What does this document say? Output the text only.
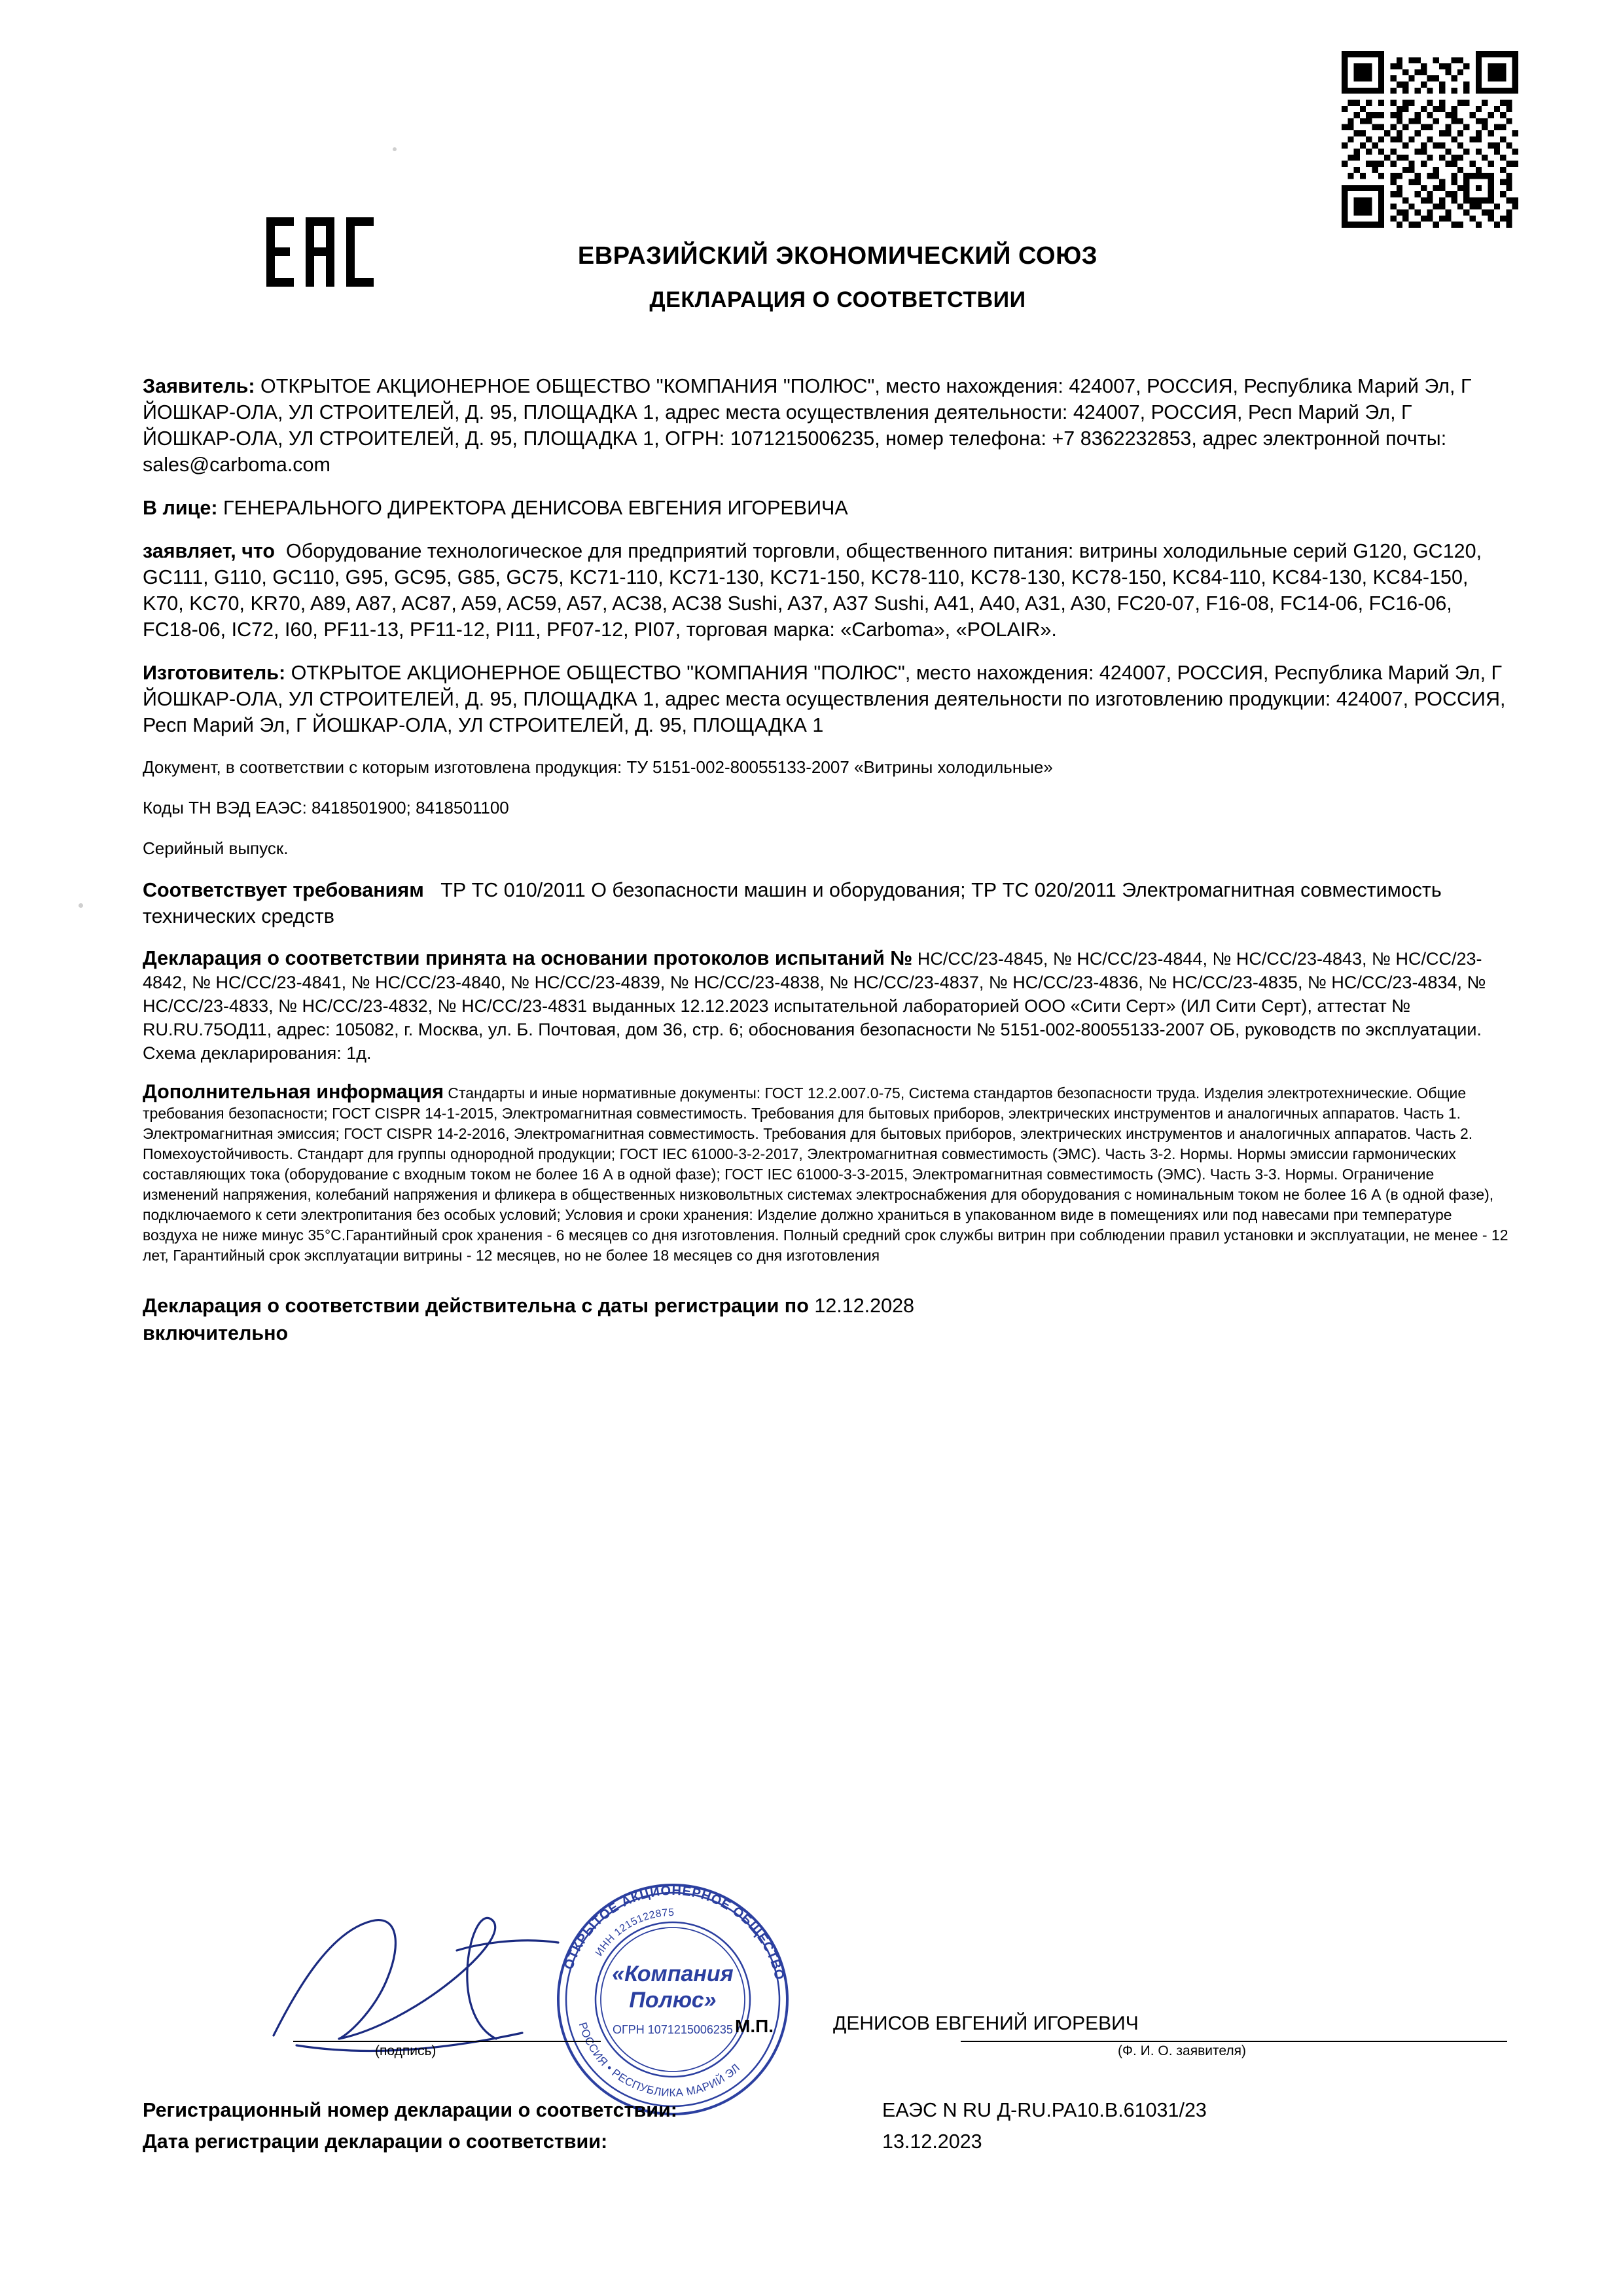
ЕВРАЗИЙСКИЙ ЭКОНОМИЧЕСКИЙ СОЮЗ
ДЕКЛАРАЦИЯ О СООТВЕТСТВИИ
Заявитель: ОТКРЫТОЕ АКЦИОНЕРНОЕ ОБЩЕСТВО "КОМПАНИЯ "ПОЛЮС", место нахождения: 424007, РОССИЯ, Республика Марий Эл, Г ЙОШКАР-ОЛА, УЛ СТРОИТЕЛЕЙ, Д. 95, ПЛОЩАДКА 1, адрес места осуществления деятельности: 424007, РОССИЯ, Респ Марий Эл, Г ЙОШКАР-ОЛА, УЛ СТРОИТЕЛЕЙ, Д. 95, ПЛОЩАДКА 1, ОГРН: 1071215006235, номер телефона: +7 8362232853, адрес электронной почты: sales@carboma.com
В лице: ГЕНЕРАЛЬНОГО ДИРЕКТОРА ДЕНИСОВА ЕВГЕНИЯ ИГОРЕВИЧА
заявляет, что Оборудование технологическое для предприятий торговли, общественного питания: витрины холодильные серий G120, GC120, GC111, G110, GC110, G95, GC95, G85, GC75, KC71-110, KC71-130, KC71-150, KC78-110, KC78-130, KC78-150, KC84-110, KC84-130, KC84-150, K70, KC70, KR70, A89, A87, AC87, A59, AC59, A57, AC38, AC38 Sushi, A37, A37 Sushi, A41, A40, A31, A30, FC20-07, F16-08, FC14-06, FC16-06, FC18-06, IC72, I60, PF11-13, PF11-12, PI11, PF07-12, PI07, торговая марка: «Carboma», «POLAIR».
Изготовитель: ОТКРЫТОЕ АКЦИОНЕРНОЕ ОБЩЕСТВО "КОМПАНИЯ "ПОЛЮС", место нахождения: 424007, РОССИЯ, Республика Марий Эл, Г ЙОШКАР-ОЛА, УЛ СТРОИТЕЛЕЙ, Д. 95, ПЛОЩАДКА 1, адрес места осуществления деятельности по изготовлению продукции: 424007, РОССИЯ, Респ Марий Эл, Г ЙОШКАР-ОЛА, УЛ СТРОИТЕЛЕЙ, Д. 95, ПЛОЩАДКА 1
Документ, в соответствии с которым изготовлена продукция: ТУ 5151-002-80055133-2007 «Витрины холодильные»
Коды ТН ВЭД ЕАЭС: 8418501900; 8418501100
Серийный выпуск.
Соответствует требованиям ТР ТС 010/2011 О безопасности машин и оборудования; ТР ТС 020/2011 Электромагнитная совместимость технических средств
Декларация о соответствии принята на основании протоколов испытаний № НС/СС/23-4845, № НС/СС/23-4844, № НС/СС/23-4843, № НС/СС/23-4842, № НС/СС/23-4841, № НС/СС/23-4840, № НС/СС/23-4839, № НС/СС/23-4838, № НС/СС/23-4837, № НС/СС/23-4836, № НС/СС/23-4835, № НС/СС/23-4834, № НС/СС/23-4833, № НС/СС/23-4832, № НС/СС/23-4831 выданных 12.12.2023 испытательной лабораторией ООО «Сити Серт» (ИЛ Сити Серт), аттестат № RU.RU.75ОД11, адрес: 105082, г. Москва, ул. Б. Почтовая, дом 36, стр. 6; обоснования безопасности № 5151-002-80055133-2007 ОБ, руководств по эксплуатации.
Схема декларирования: 1д.
Дополнительная информация Стандарты и иные нормативные документы: ГОСТ 12.2.007.0-75, Система стандартов безопасности труда. Изделия электротехнические. Общие требования безопасности; ГОСТ CISPR 14-1-2015, Электромагнитная совместимость. Требования для бытовых приборов, электрических инструментов и аналогичных аппаратов. Часть 1. Электромагнитная эмиссия; ГОСТ CISPR 14-2-2016, Электромагнитная совместимость. Требования для бытовых приборов, электрических инструментов и аналогичных аппаратов. Часть 2. Помехоустойчивость. Стандарт для группы однородной продукции; ГОСТ IEC 61000-3-2-2017, Электромагнитная совместимость (ЭМС). Часть 3-2. Нормы. Нормы эмиссии гармонических составляющих тока (оборудование с входным током не более 16 А в одной фазе); ГОСТ IEC 61000-3-3-2015, Электромагнитная совместимость (ЭМС). Часть 3-3. Нормы. Ограничение изменений напряжения, колебаний напряжения и фликера в общественных низковольтных системах электроснабжения для оборудования с номинальным током не более 16 А (в одной фазе), подключаемого к сети электропитания без особых условий; Условия и сроки хранения: Изделие должно храниться в упакованном виде в помещениях или под навесами при температуре воздуха не ниже минус 35°C.Гарантийный срок хранения - 6 месяцев со дня изготовления. Полный средний срок службы витрин при соблюдении правил установки и эксплуатации, не менее - 12 лет, Гарантийный срок эксплуатации витрины - 12 месяцев, но не более 18 месяцев со дня изготовления
Декларация о соответствии действительна с даты регистрации по 12.12.2028
включительно
ОТКРЫТОЕ АКЦИОНЕРНОЕ ОБЩЕСТВО
РОССИЯ • РЕСПУБЛИКА МАРИЙ ЭЛ
ИНН 1215122875
«Компания
Полюс»
ОГРН 1071215006235 М.П.	ДЕНИСОВ ЕВГЕНИЙ ИГОРЕВИЧ
(подпись)	(Ф. И. О. заявителя)
Регистрационный номер декларации о соответствии:	ЕАЭС N RU Д-RU.РА10.В.61031/23
Дата регистрации декларации о соответствии:	13.12.2023
